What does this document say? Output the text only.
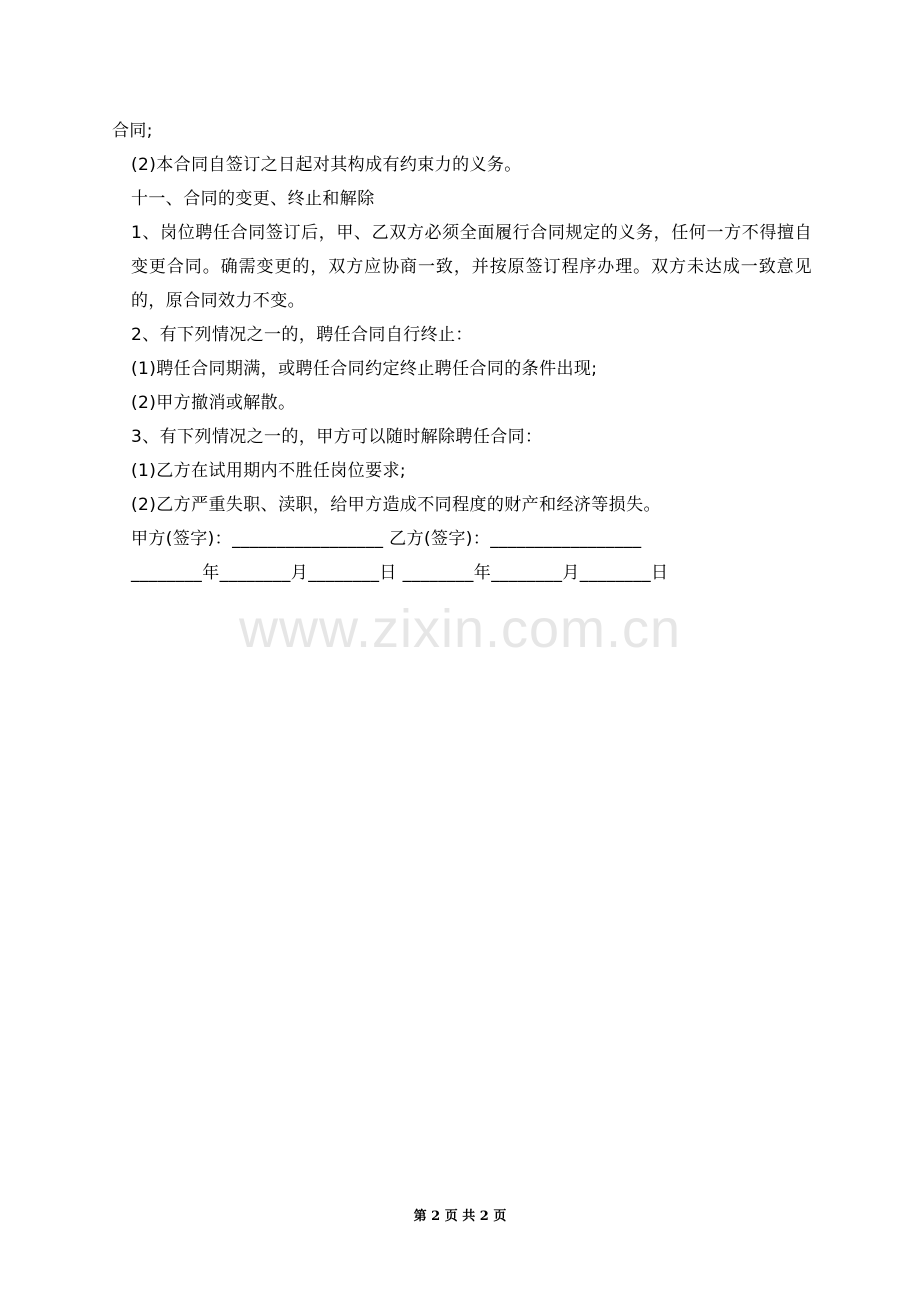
合同;

(2)本合同自签订之日起对其构成有约束力的义务。

十一、合同的变更、终止和解除

1、岗位聘任合同签订后，甲、乙双方必须全面履行合同规定的义务，任何一方不得擅自变更合同。确需变更的，双方应协商一致，并按原签订程序办理。双方未达成一致意见的，原合同效力不变。

2、有下列情况之一的，聘任合同自行终止：

(1)聘任合同期满，或聘任合同约定终止聘任合同的条件出现;

(2)甲方撤消或解散。

3、有下列情况之一的，甲方可以随时解除聘任合同：

(1)乙方在试用期内不胜任岗位要求;

(2)乙方严重失职、渎职，给甲方造成不同程度的财产和经济等损失。

甲方(签字)：_________________ 乙方(签字)：_________________

________年________月________日 ________年________月________日

www.zixin.com.cn
第 2 页 共 2 页
